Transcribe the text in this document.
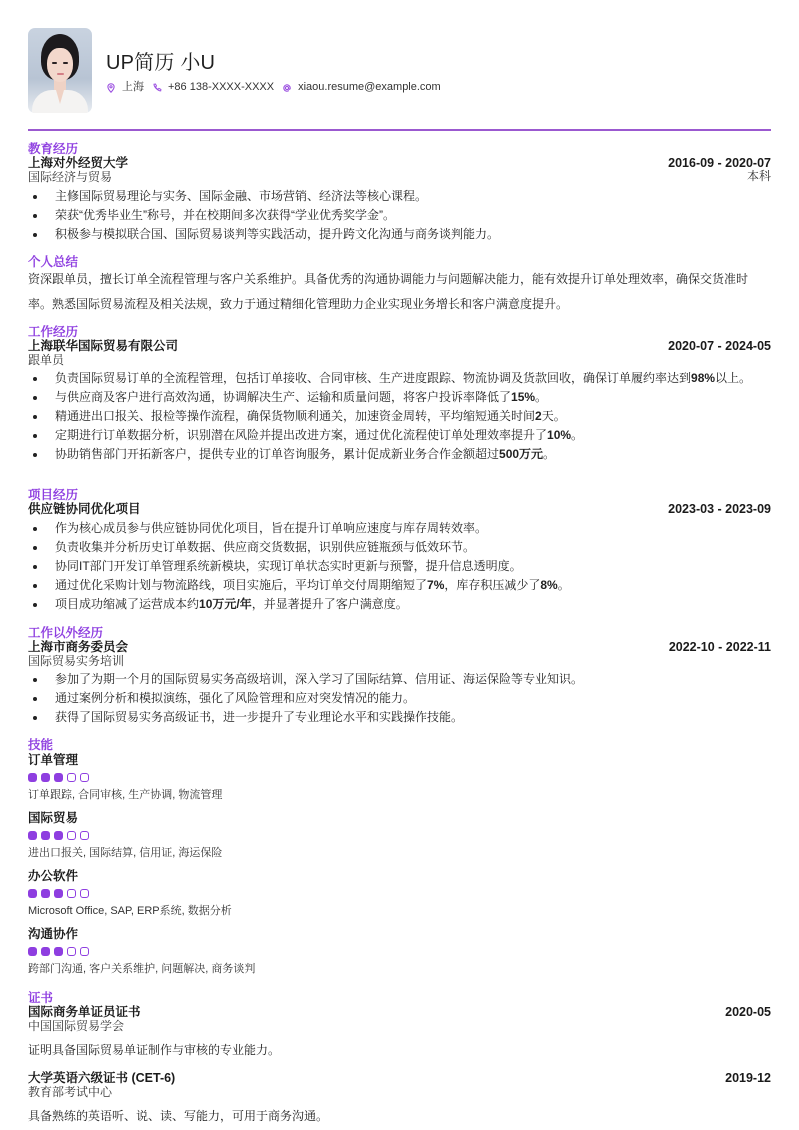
UP简历 小U
上海 +86 138-XXXX-XXXX xiaou.resume@example.com
教育经历
上海对外经贸大学	2016-09 - 2020-07
国际经济与贸易	本科
主修国际贸易理论与实务、国际金融、市场营销、经济法等核心课程。
荣获“优秀毕业生”称号，并在校期间多次获得“学业优秀奖学金”。
积极参与模拟联合国、国际贸易谈判等实践活动，提升跨文化沟通与商务谈判能力。
个人总结
资深跟单员，擅长订单全流程管理与客户关系维护。具备优秀的沟通协调能力与问题解决能力，能有效提升订单处理效率，确保交货准时率。熟悉国际贸易流程及相关法规，致力于通过精细化管理助力企业实现业务增长和客户满意度提升。
工作经历
上海联华国际贸易有限公司	2020-07 - 2024-05
跟单员
负责国际贸易订单的全流程管理，包括订单接收、合同审核、生产进度跟踪、物流协调及货款回收，确保订单履约率达到98%以上。
与供应商及客户进行高效沟通，协调解决生产、运输和质量问题，将客户投诉率降低了15%。
精通进出口报关、报检等操作流程，确保货物顺利通关，加速资金周转，平均缩短通关时间2天。
定期进行订单数据分析，识别潜在风险并提出改进方案，通过优化流程使订单处理效率提升了10%。
协助销售部门开拓新客户，提供专业的订单咨询服务，累计促成新业务合作金额超过500万元。
项目经历
供应链协同优化项目	2023-03 - 2023-09
作为核心成员参与供应链协同优化项目，旨在提升订单响应速度与库存周转效率。
负责收集并分析历史订单数据、供应商交货数据，识别供应链瓶颈与低效环节。
协同IT部门开发订单管理系统新模块，实现订单状态实时更新与预警，提升信息透明度。
通过优化采购计划与物流路线，项目实施后，平均订单交付周期缩短了7%，库存积压减少了8%。
项目成功缩减了运营成本约10万元/年，并显著提升了客户满意度。
工作以外经历
上海市商务委员会	2022-10 - 2022-11
国际贸易实务培训
参加了为期一个月的国际贸易实务高级培训，深入学习了国际结算、信用证、海运保险等专业知识。
通过案例分析和模拟演练，强化了风险管理和应对突发情况的能力。
获得了国际贸易实务高级证书，进一步提升了专业理论水平和实践操作技能。
技能
订单管理
订单跟踪, 合同审核, 生产协调, 物流管理
国际贸易
进出口报关, 国际结算, 信用证, 海运保险
办公软件
Microsoft Office, SAP, ERP系统, 数据分析
沟通协作
跨部门沟通, 客户关系维护, 问题解决, 商务谈判
证书
国际商务单证员证书	2020-05
中国国际贸易学会
证明具备国际贸易单证制作与审核的专业能力。
大学英语六级证书 (CET-6)	2019-12
教育部考试中心
具备熟练的英语听、说、读、写能力，可用于商务沟通。
